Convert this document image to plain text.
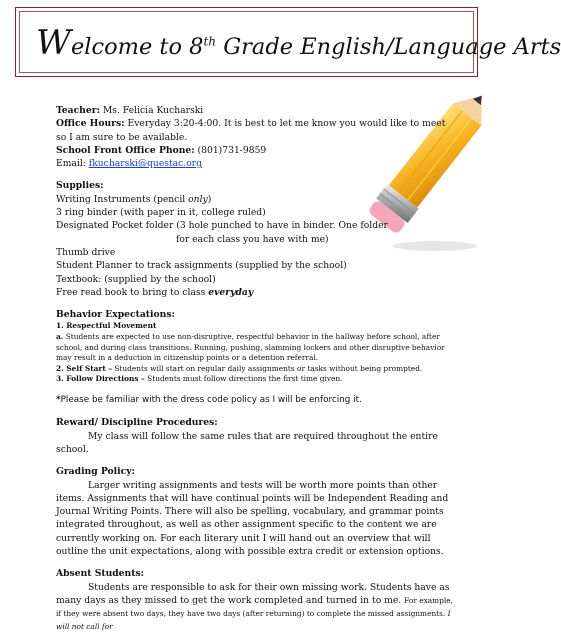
Welcome to 8th Grade English/Language Arts

Teacher: Ms. Felicia Kucharski

Office Hours: Everyday 3:20-4:00. It is best to let me know you would like to meet so I am sure to be available.

School Front Office Phone: (801)731-9859

Email: fkucharski@questac.org

Supplies:

Writing Instruments (pencil only)

3 ring binder (with paper in it, college ruled)

Designated Pocket folder (3 hole punched to have in binder. One folder

for each class you have with me)

Thumb drive

Student Planner to track assignments (supplied by the school)

Textbook: (supplied by the school)

Free read book to bring to class everyday

Behavior Expectations:

1. Respectful Movement

a. Students are expected to use non-disruptive, respectful behavior in the hallway before school, after school, and during class transitions. Running, pushing, slamming lockers and other disruptive behavior may result in a deduction in citizenship points or a detention referral.

2. Self Start – Students will start on regular daily assignments or tasks without being prompted.

3. Follow Directions – Students must follow directions the first time given.

*Please be familiar with the dress code policy as I will be enforcing it.

Reward/ Discipline Procedures:

My class will follow the same rules that are required throughout the entire school.

Grading Policy:

Larger writing assignments and tests will be worth more points than other items. Assignments that will have continual points will be Independent Reading and Journal Writing Points. There will also be spelling, vocabulary, and grammar points integrated throughout, as well as other assignment specific to the content we are currently working on. For each literary unit I will hand out an overview that will outline the unit expectations, along with possible extra credit or extension options.

Absent Students:

Students are responsible to ask for their own missing work. Students have as many days as they missed to get the work completed and turned in to me. For example, if they were absent two days, they have two days (after returning) to complete the missed assignments. I will not call for
